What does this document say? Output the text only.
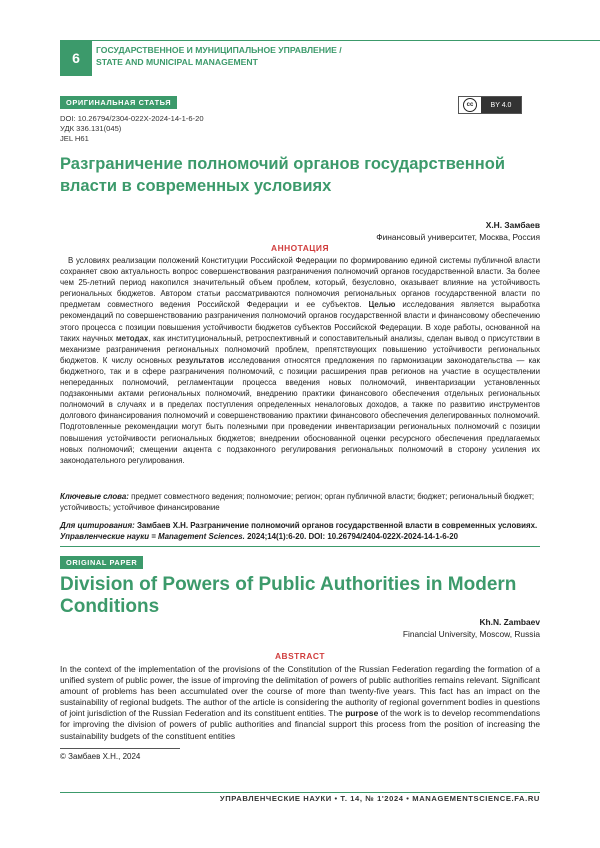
6	ГОСУДАРСТВЕННОЕ И МУНИЦИПАЛЬНОЕ УПРАВЛЕНИЕ /
STATE AND MUNICIPAL MANAGEMENT
ОРИГИНАЛЬНАЯ СТАТЬЯ	cc	BY 4.0
DOI: 10.26794/2304-022X-2024-14-1-6-20
УДК 336.131(045)
JEL H61
Разграничение полномочий органов государственной власти в современных условиях
Х.Н. Замбаев
Финансовый университет, Москва, Россия
АННОТАЦИЯ

В условиях реализации положений Конституции Российской Федерации по формированию единой системы публичной власти сохраняет свою актуальность вопрос совершенствования разграничения полномочий органов государственной власти. За более чем 25-летний период накопился значительный объем проблем, который, безусловно, оказывает влияние на устойчивость региональных бюджетов. Автором статьи рассматриваются полномочия региональных органов государственной власти по предметам совместного ведения Российской Федерации и ее субъектов. Целью исследования является выработка рекомендаций по совершенствованию разграничения полномочий органов государственной власти и финансовому обеспечению этого процесса с позиции повышения устойчивости бюджетов субъектов Российской Федерации. В ходе работы, основанной на таких научных методах, как институциональный, ретроспективный и сопоставительный анализы, сделан вывод о присутствии в механизме разграничения региональных полномочий проблем, препятствующих повышению устойчивости региональных бюджетов. К числу основных результатов исследования относятся предложения по гармонизации законодательства — как бюджетного, так и в сфере разграничения полномочий, с позиции расширения прав регионов на участие в осуществлении непереданных полномочий, регламентации процесса введения новых полномочий, инвентаризации установленных подзаконными актами региональных полномочий, внедрению практики финансового обеспечения отдельных региональных полномочий в случаях и в пределах поступления определенных неналоговых доходов, а также по развитию инструментов долгового финансирования полномочий и совершенствованию практики финансового обеспечения делегированных полномочий. Подготовленные рекомендации могут быть полезными при проведении инвентаризации региональных полномочий с позиции повышения устойчивости региональных бюджетов; внедрении обоснованной оценки ресурсного обеспечения предлагаемых новых полномочий; смещении акцента с подзаконного регулирования региональных полномочий в сторону усиления их законодательного регулирования.

Ключевые слова: предмет совместного ведения; полномочие; регион; орган публичной власти; бюджет; региональный бюджет; устойчивость; устойчивое финансирование
Для цитирования: Замбаев Х.Н. Разграничение полномочий органов государственной власти в современных условиях. Управленческие науки = Management Sciences. 2024;14(1):6-20. DOI: 10.26794/2404-022X-2024-14-1-6-20
ORIGINAL PAPER
Division of Powers of Public Authorities in Modern Conditions
Kh.N. Zambaev
Financial University, Moscow, Russia
ABSTRACT
In the context of the implementation of the provisions of the Constitution of the Russian Federation regarding the formation of a unified system of public power, the issue of improving the delimitation of powers of public authorities remains relevant. Significant amount of problems has been accumulated over the course of more than twenty-five years. This fact has an impact on the sustainability of regional budgets. The author of the article is considering the authority of regional government bodies in questions of joint jurisdiction of the Russian Federation and its constituent entities. The purpose of the work is to develop recommendations for improving the division of powers of public authorities and financial support this process from the position of increasing the sustainability budgets of the constituent entities
© Замбаев Х.Н., 2024
УПРАВЛЕНЧЕСКИЕ НАУКИ • Т. 14, № 1'2024 • MANAGEMENTSCIENCE.FA.RU
